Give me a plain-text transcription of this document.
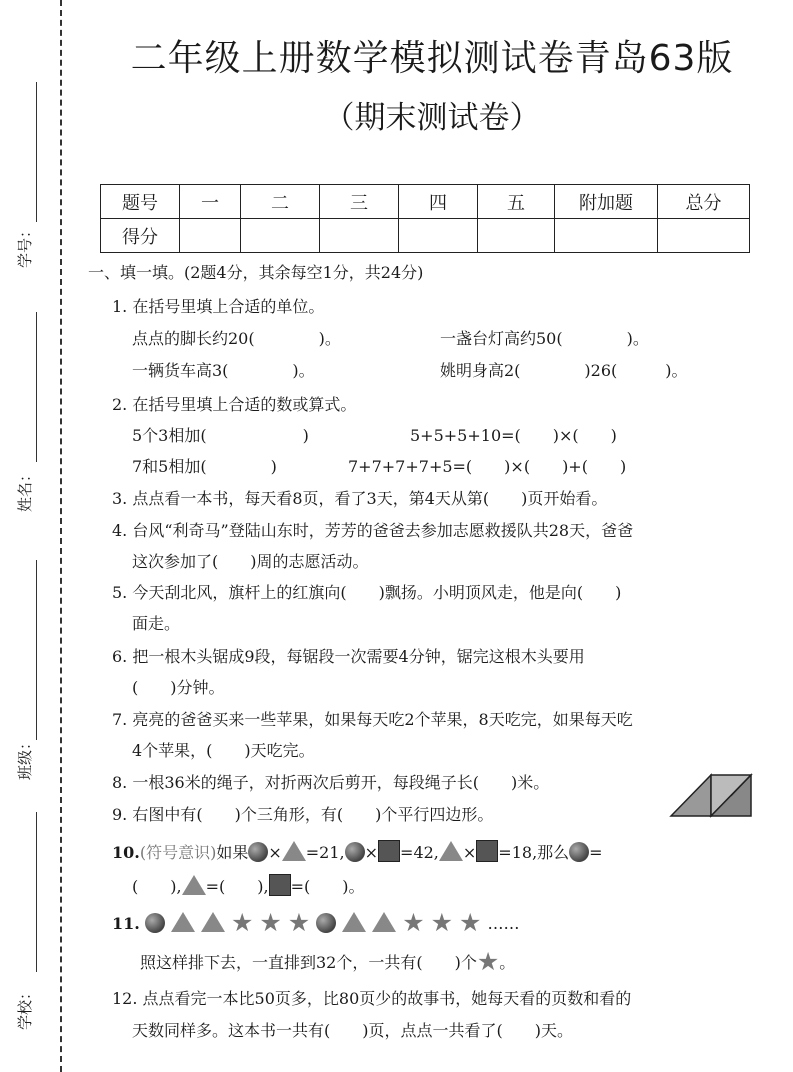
学号：
姓名：
班级：
学校：
二年级上册数学模拟测试卷青岛63版
（期末测试卷）
题号	一	二	三	四	五	附加题	总分
得分							
一、填一填。(2题4分，其余每空1分，共24分)
1. 在括号里填上合适的单位。
点点的脚长约20(　　　　)。	一盏台灯高约50(　　　　)。
一辆货车高3(　　　　)。	姚明身高2(　　　　)26(　　　)。
2. 在括号里填上合适的数或算式。
5个3相加(　　　　　　)	5+5+5+10=(　　)×(　　)
7和5相加(　　　　)	7+7+7+7+5=(　　)×(　　)+(　　)
3. 点点看一本书，每天看8页，看了3天，第4天从第(　　)页开始看。
4. 台风“利奇马”登陆山东时，芳芳的爸爸去参加志愿救援队共28天，爸爸
这次参加了(　　)周的志愿活动。
5. 今天刮北风，旗杆上的红旗向(　　)飘扬。小明顶风走，他是向(　　)
面走。
6. 把一根木头锯成9段，每锯段一次需要4分钟，锯完这根木头要用
(　　)分钟。
7. 亮亮的爸爸买来一些苹果，如果每天吃2个苹果，8天吃完，如果每天吃
4个苹果，(　　)天吃完。
8. 一根36米的绳子，对折两次后剪开，每段绳子长(　　)米。
9. 右图中有(　　)个三角形，有(　　)个平行四边形。
10.(符号意识)如果 × =21, × =42, × =18,那么 =
(　　), =(　　), =(　　)。
11.	★ ★ ★	★ ★ ★ ……
照这样排下去，一直排到32个，一共有(　　)个★。
12. 点点看完一本比50页多，比80页少的故事书，她每天看的页数和看的
天数同样多。这本书一共有(　　)页，点点一共看了(　　)天。
